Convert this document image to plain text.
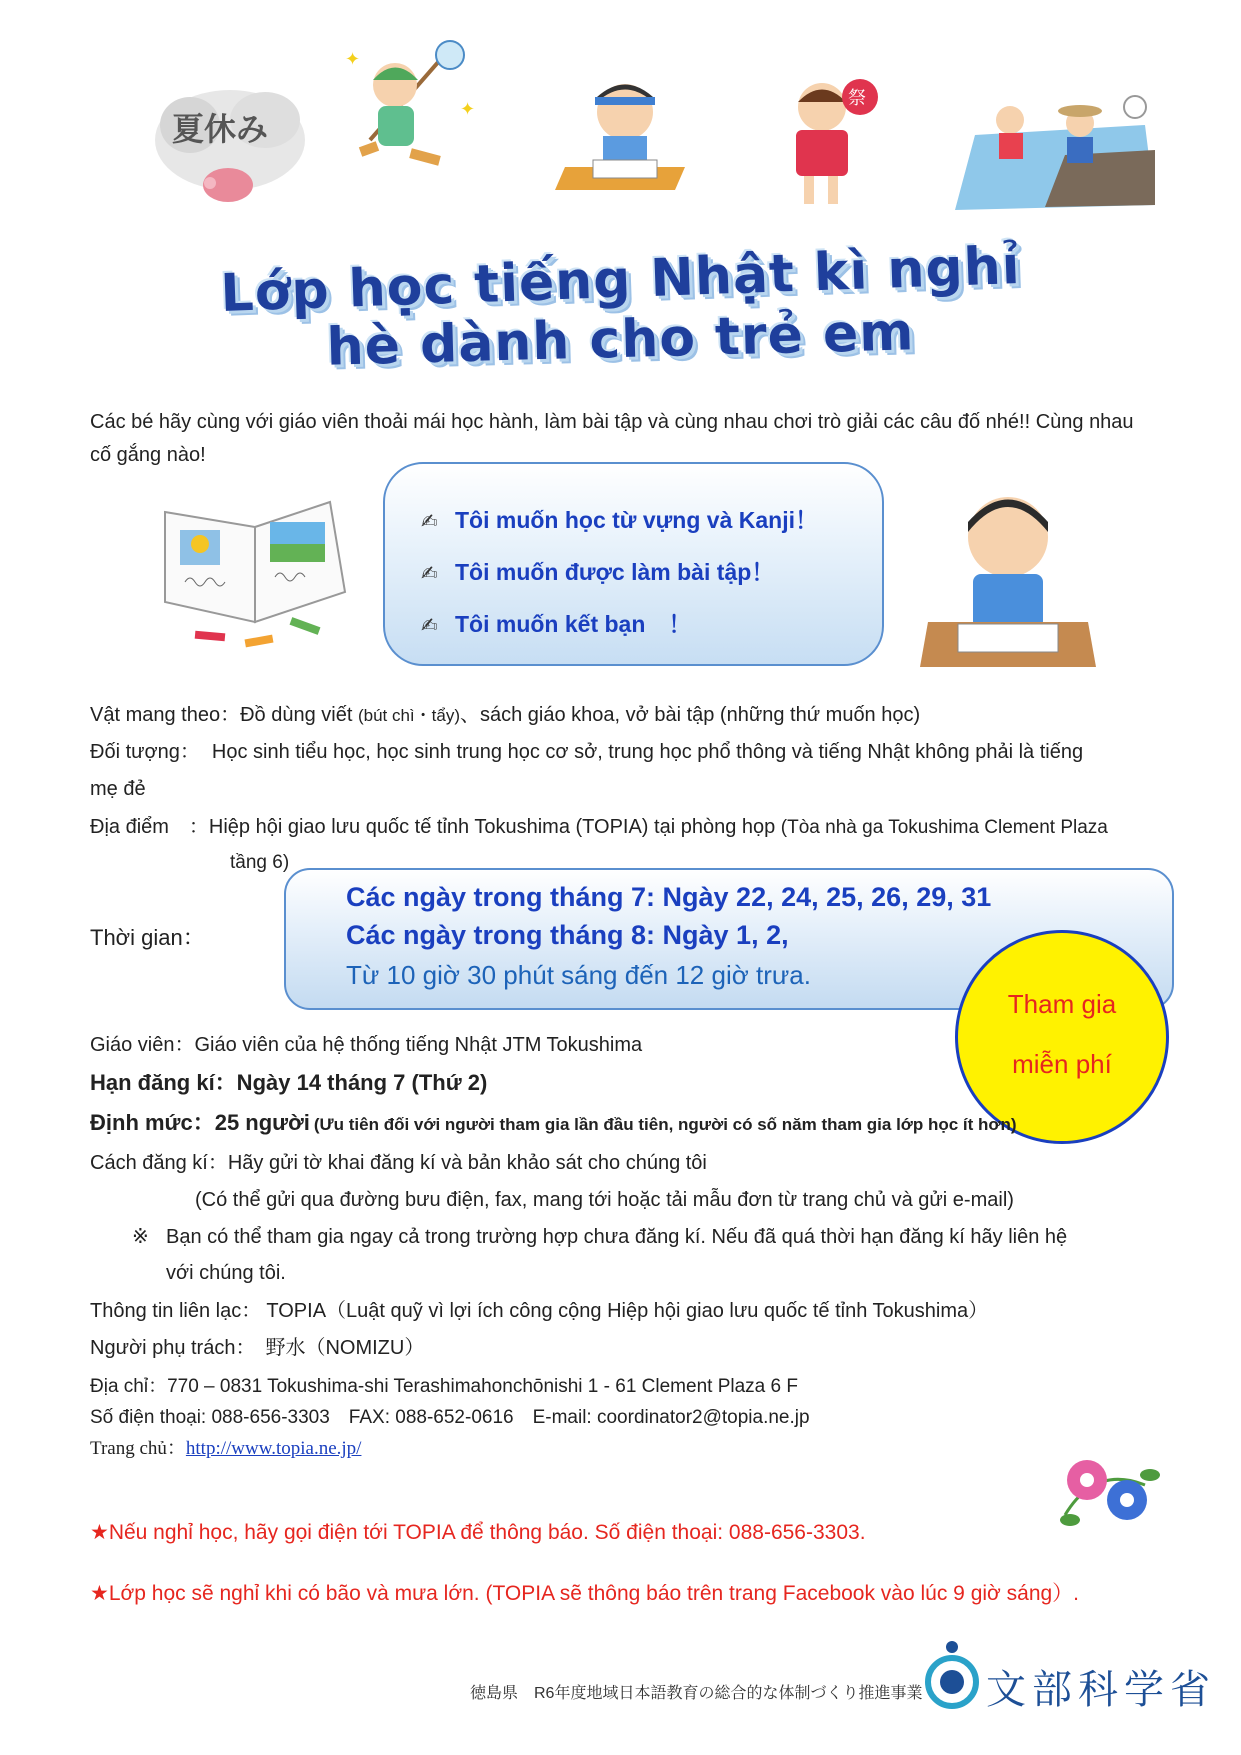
夏休み
✦
✦	祭
Lớp học tiếng Nhật kì nghỉ
hè dành cho trẻ em
Các bé hãy cùng với giáo viên thoải mái học hành, làm bài tập và cùng nhau chơi trò giải các câu đố nhé!! Cùng nhau cố gắng nào!
✍ Tôi muốn học từ vựng và Kanji！
✍ Tôi muốn được làm bài tập！
✍ Tôi muốn kết bạn　！
Vật mang theo：Đồ dùng viết (bút chì・tẩy)、sách giáo khoa, vở bài tập (những thứ muốn học)
Đối tượng： Học sinh tiểu học, học sinh trung học cơ sở, trung học phổ thông và tiếng Nhật không phải là tiếng
mẹ đẻ
Địa điểm　：Hiệp hội giao lưu quốc tế tỉnh Tokushima (TOPIA) tại phòng họp (Tòa nhà ga Tokushima Clement Plaza
tầng 6)
Thời gian：
Các ngày trong tháng 7: Ngày 22, 24, 25, 26, 29, 31
Các ngày trong tháng 8: Ngày 1, 2,
Từ 10 giờ 30 phút sáng đến 12 giờ trưa.
Tham gia
miễn phí
Giáo viên：Giáo viên của hệ thống tiếng Nhật JTM Tokushima
Hạn đăng kí：Ngày 14 tháng 7 (Thứ 2)
Định mức：25 người (Ưu tiên đối với người tham gia lần đầu tiên, người có số năm tham gia lớp học ít hơn)
Cách đăng kí：Hãy gửi tờ khai đăng kí và bản khảo sát cho chúng tôi
(Có thể gửi qua đường bưu điện, fax, mang tới hoặc tải mẫu đơn từ trang chủ và gửi e-mail)
※ Bạn có thể tham gia ngay cả trong trường hợp chưa đăng kí. Nếu đã quá thời hạn đăng kí hãy liên hệ
với chúng tôi.
Thông tin liên lạc： TOPIA（Luật quỹ vì lợi ích công cộng Hiệp hội giao lưu quốc tế tỉnh Tokushima）
Người phụ trách：　野水（NOMIZU）
Địa chỉ：770 – 0831 Tokushima-shi Terashimahonchōnishi 1 - 61 Clement Plaza 6 F
Số điện thoại: 088-656-3303　FAX: 088-652-0616　E-mail: coordinator2@topia.ne.jp
Trang chủ：http://www.topia.ne.jp/
★Nếu nghỉ học, hãy gọi điện tới TOPIA để thông báo. Số điện thoại: 088-656-3303.
★Lớp học sẽ nghỉ khi có bão và mưa lớn. (TOPIA sẽ thông báo trên trang Facebook vào lúc 9 giờ sáng）.
徳島県　R6年度地域日本語教育の総合的な体制づくり推進事業 文部科学省
